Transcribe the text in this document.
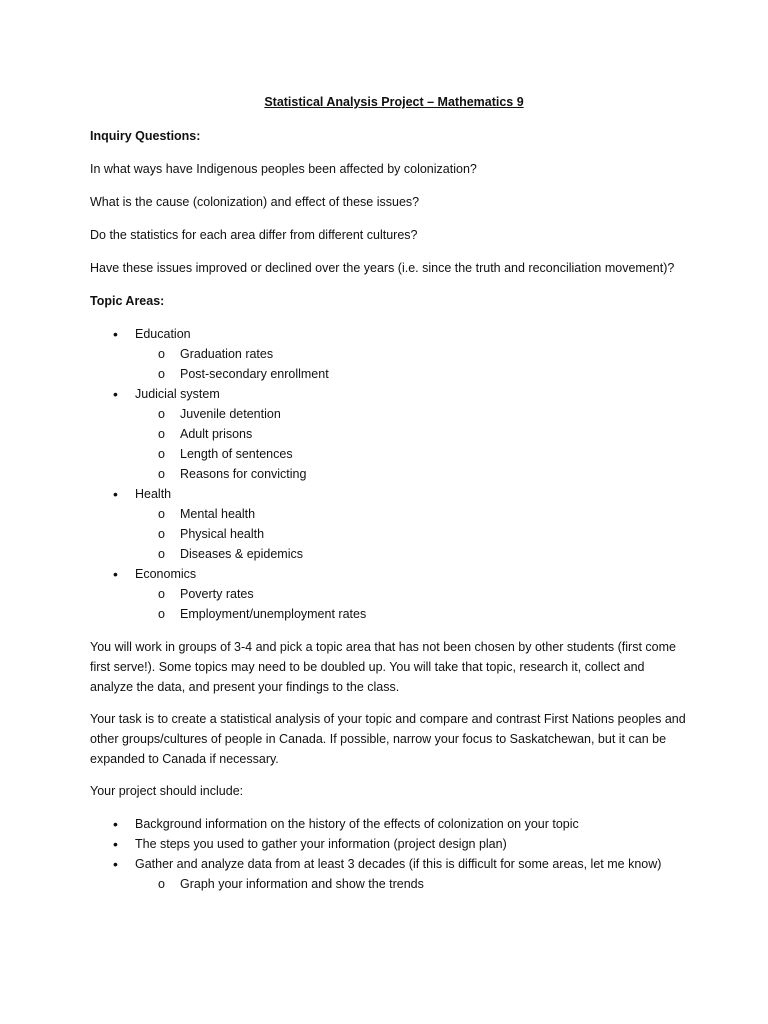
Statistical Analysis Project – Mathematics 9
Inquiry Questions:
In what ways have Indigenous peoples been affected by colonization?
What is the cause (colonization) and effect of these issues?
Do the statistics for each area differ from different cultures?
Have these issues improved or declined over the years (i.e. since the truth and reconciliation movement)?
Topic Areas:
• Education
o Graduation rates
o Post-secondary enrollment
• Judicial system
o Juvenile detention
o Adult prisons
o Length of sentences
o Reasons for convicting
• Health
o Mental health
o Physical health
o Diseases & epidemics
• Economics
o Poverty rates
o Employment/unemployment rates
You will work in groups of 3-4 and pick a topic area that has not been chosen by other students (first come first serve!). Some topics may need to be doubled up. You will take that topic, research it, collect and analyze the data, and present your findings to the class.
Your task is to create a statistical analysis of your topic and compare and contrast First Nations peoples and other groups/cultures of people in Canada. If possible, narrow your focus to Saskatchewan, but it can be expanded to Canada if necessary.
Your project should include:
• Background information on the history of the effects of colonization on your topic
• The steps you used to gather your information (project design plan)
• Gather and analyze data from at least 3 decades (if this is difficult for some areas, let me know)
o Graph your information and show the trends
